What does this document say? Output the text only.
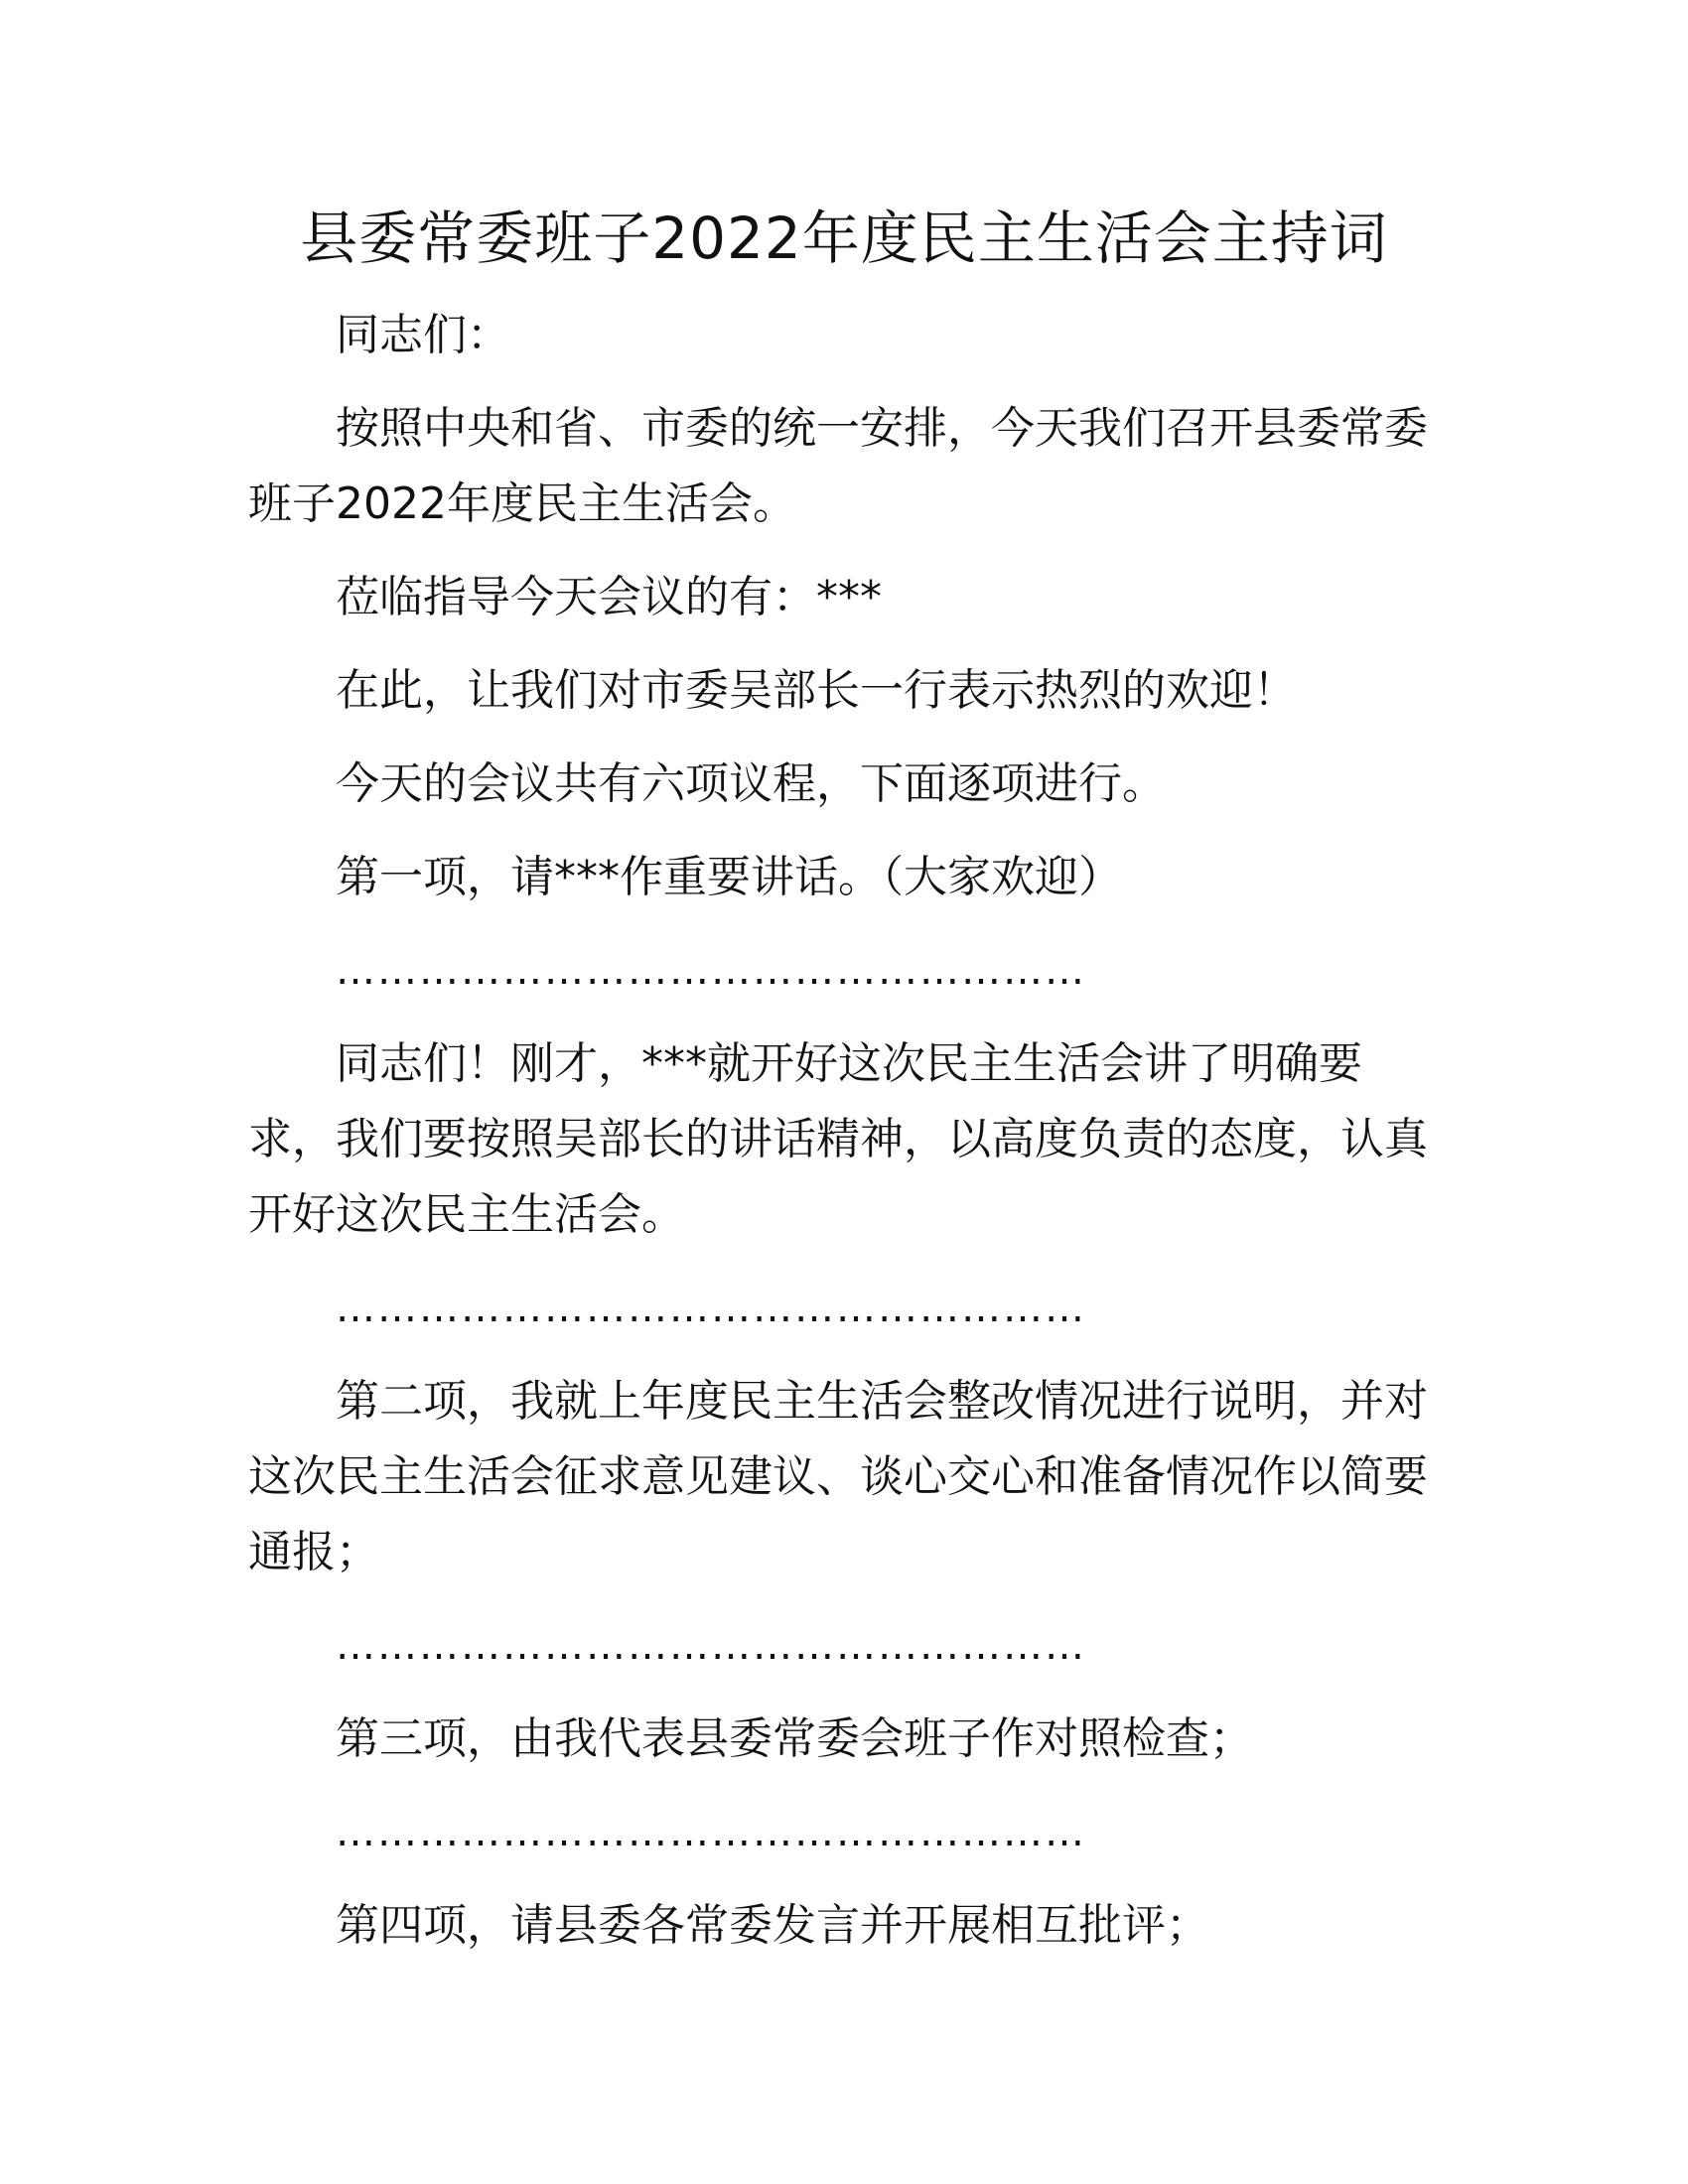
县委常委班子2022年度民主生活会主持词

同志们：

按照中央和省、市委的统一安排，今天我们召开县委常委班子2022年度民主生活会。

莅临指导今天会议的有：***

在此，让我们对市委吴部长一行表示热烈的欢迎！

今天的会议共有六项议程，下面逐项进行。

第一项，请***作重要讲话。（大家欢迎）

………………………………………………

同志们！刚才，***就开好这次民主生活会讲了明确要求，我们要按照吴部长的讲话精神，以高度负责的态度，认真开好这次民主生活会。

………………………………………………

第二项，我就上年度民主生活会整改情况进行说明，并对这次民主生活会征求意见建议、谈心交心和准备情况作以简要通报；

………………………………………………

第三项，由我代表县委常委会班子作对照检查；

………………………………………………

第四项，请县委各常委发言并开展相互批评；
